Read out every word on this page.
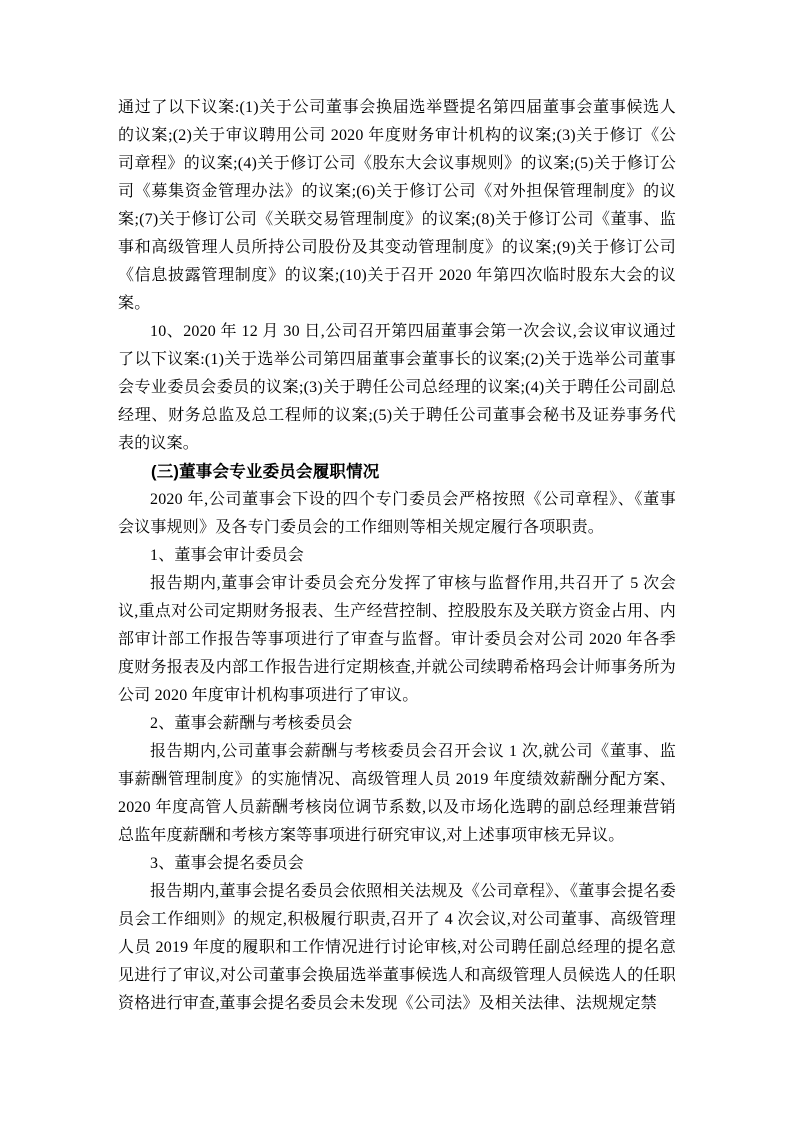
通过了以下议案:(1)关于公司董事会换届选举暨提名第四届董事会董事候选人的议案;(2)关于审议聘用公司 2020 年度财务审计机构的议案;(3)关于修订《公司章程》的议案;(4)关于修订公司《股东大会议事规则》的议案;(5)关于修订公司《募集资金管理办法》的议案;(6)关于修订公司《对外担保管理制度》的议案;(7)关于修订公司《关联交易管理制度》的议案;(8)关于修订公司《董事、监事和高级管理人员所持公司股份及其变动管理制度》的议案;(9)关于修订公司《信息披露管理制度》的议案;(10)关于召开 2020 年第四次临时股东大会的议案。

10、2020 年 12 月 30 日,公司召开第四届董事会第一次会议,会议审议通过了以下议案:(1)关于选举公司第四届董事会董事长的议案;(2)关于选举公司董事会专业委员会委员的议案;(3)关于聘任公司总经理的议案;(4)关于聘任公司副总经理、财务总监及总工程师的议案;(5)关于聘任公司董事会秘书及证券事务代表的议案。

(三)董事会专业委员会履职情况

2020 年,公司董事会下设的四个专门委员会严格按照《公司章程》、《董事会议事规则》及各专门委员会的工作细则等相关规定履行各项职责。

1、董事会审计委员会

报告期内,董事会审计委员会充分发挥了审核与监督作用,共召开了 5 次会议,重点对公司定期财务报表、生产经营控制、控股股东及关联方资金占用、内部审计部工作报告等事项进行了审查与监督。审计委员会对公司 2020 年各季度财务报表及内部工作报告进行定期核查,并就公司续聘希格玛会计师事务所为公司 2020 年度审计机构事项进行了审议。

2、董事会薪酬与考核委员会

报告期内,公司董事会薪酬与考核委员会召开会议 1 次,就公司《董事、监事薪酬管理制度》的实施情况、高级管理人员 2019 年度绩效薪酬分配方案、2020 年度高管人员薪酬考核岗位调节系数,以及市场化选聘的副总经理兼营销总监年度薪酬和考核方案等事项进行研究审议,对上述事项审核无异议。

3、董事会提名委员会

报告期内,董事会提名委员会依照相关法规及《公司章程》、《董事会提名委员会工作细则》的规定,积极履行职责,召开了 4 次会议,对公司董事、高级管理人员 2019 年度的履职和工作情况进行讨论审核,对公司聘任副总经理的提名意见进行了审议,对公司董事会换届选举董事候选人和高级管理人员候选人的任职资格进行审查,董事会提名委员会未发现《公司法》及相关法律、法规规定禁
